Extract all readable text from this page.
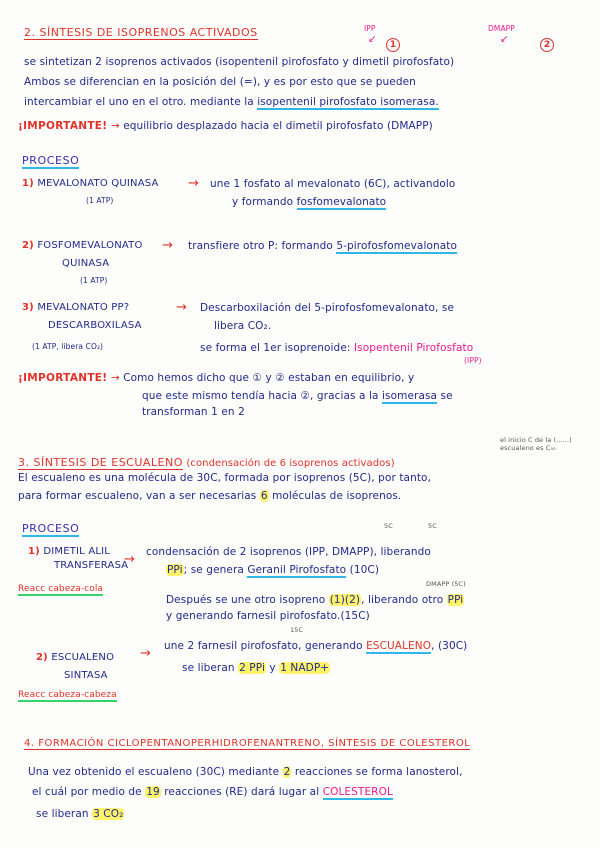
2. SÍNTESIS DE ISOPRENOS ACTIVADOS	IPP
↙	1
DMAPP
↙	2
se sintetizan 2 isoprenos activados (isopentenil pirofosfato y dimetil pirofosfato)
Ambos se diferencian en la posición del (=), y es por esto que se pueden
intercambiar el uno en el otro. mediante la isopentenil pirofosfato isomerasa.
¡IMPORTANTE! → equilibrio desplazado hacia el dimetil pirofosfato (DMAPP)
PROCESO
1) MEVALONATO QUINASA
(1 ATP)
→ une 1 fosfato al mevalonato (6C), activandolo
y formando fosfomevalonato
2) FOSFOMEVALONATO
QUINASA
(1 ATP)
→ transfiere otro P: formando 5-pirofosfomevalonato
3) MEVALONATO PP?
DESCARBOXILASA
(1 ATP, libera CO₂)
→ Descarboxilación del 5-pirofosfomevalonato, se
libera CO₂.
se forma el 1er isoprenoide: Isopentenil Pirofosfato
(IPP)
¡IMPORTANTE! → Como hemos dicho que ① y ② estaban en equilibrio, y
que este mismo tendía hacia ②, gracias a la isomerasa se
transforman 1 en 2
3. SÍNTESIS DE ESCUALENO (condensación de 6 isoprenos activados)
el inicio C de la (......) escualeno es C₅₀
El escualeno es una molécula de 30C, formada por isoprenos (5C), por tanto,
para formar escualeno, van a ser necesarias 6 moléculas de isoprenos.
PROCESO	5C	5C
1) DIMETIL ALIL
TRANSFERASA
→ condensación de 2 isoprenos (IPP, DMAPP), liberando
PPi; se genera Geranil Pirofosfato (10C)
Reacc cabeza-cola	DMAPP (5C)
Después se une otro isopreno (1)(2), liberando otro PPi
y generando farnesil pirofosfato.(15C)
15C
2) ESCUALENO
SINTASA
→ une 2 farnesil pirofosfato, generando ESCUALENO, (30C)
se liberan 2 PPi y 1 NADP+
Reacc cabeza-cabeza
4. FORMACIÓN CICLOPENTANOPERHIDROFENANTRENO, SÍNTESIS DE COLESTEROL
Una vez obtenido el escualeno (30C) mediante 2 reacciones se forma lanosterol,
el cuál por medio de 19 reacciones (RE) dará lugar al COLESTEROL
se liberan 3 CO₂
